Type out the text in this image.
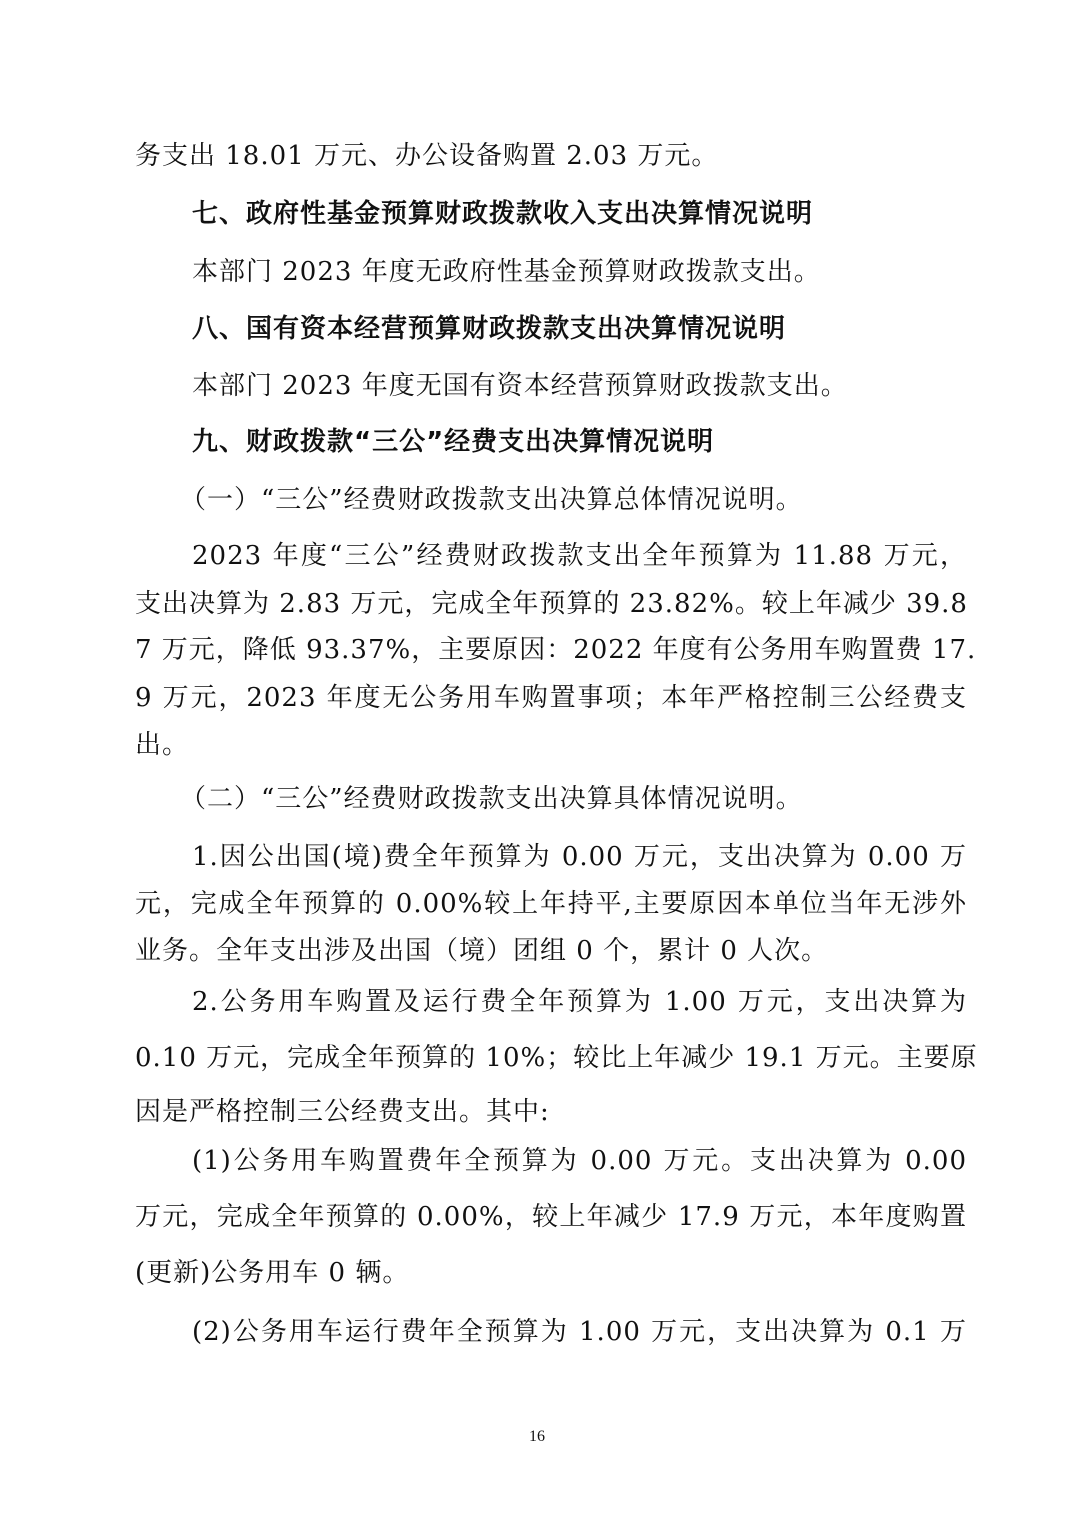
务支出 18.01 万元、办公设备购置 2.03 万元。
七、政府性基金预算财政拨款收入支出决算情况说明
本部门 2023 年度无政府性基金预算财政拨款支出。
八、国有资本经营预算财政拨款支出决算情况说明
本部门 2023 年度无国有资本经营预算财政拨款支出。
九、财政拨款“三公”经费支出决算情况说明
（一）“三公”经费财政拨款支出决算总体情况说明。
2023 年度“三公”经费财政拨款支出全年预算为 11.88 万元，
支出决算为 2.83 万元，完成全年预算的 23.82%。较上年减少 39.8
7 万元，降低 93.37%，主要原因：2022 年度有公务用车购置费 17.
9 万元，2023 年度无公务用车购置事项；本年严格控制三公经费支
出。
（二）“三公”经费财政拨款支出决算具体情况说明。
1.因公出国(境)费全年预算为 0.00 万元，支出决算为 0.00 万
元，完成全年预算的 0.00%较上年持平,主要原因本单位当年无涉外
业务。全年支出涉及出国（境）团组 0 个，累计 0 人次。
2.公务用车购置及运行费全年预算为 1.00 万元，支出决算为
0.10 万元，完成全年预算的 10%；较比上年减少 19.1 万元。主要原
因是严格控制三公经费支出。其中:
(1)公务用车购置费年全预算为 0.00 万元。支出决算为 0.00
万元，完成全年预算的 0.00%，较上年减少 17.9 万元，本年度购置
(更新)公务用车 0 辆。
(2)公务用车运行费年全预算为 1.00 万元，支出决算为 0.1 万
16
